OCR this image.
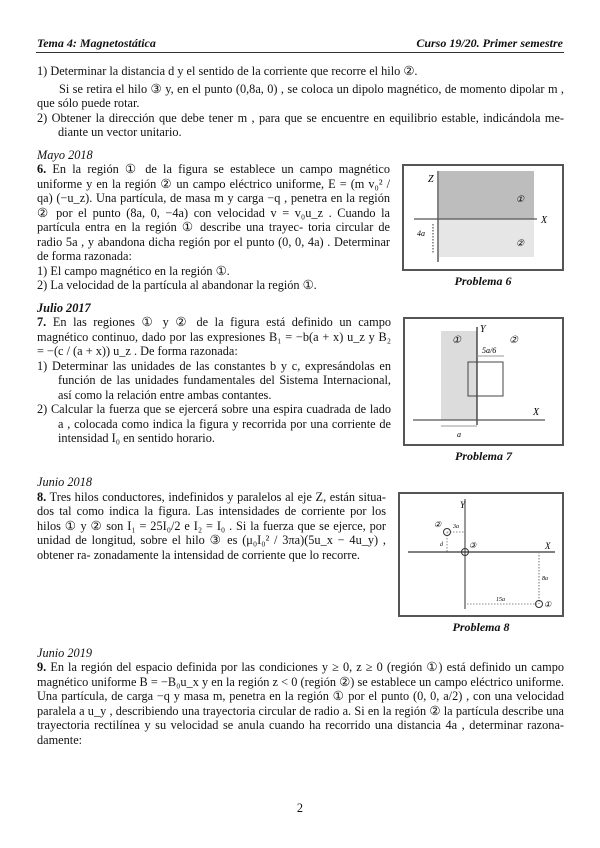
Tema 4: Magnetostática	Curso 19/20. Primer semestre
1) Determinar la distancia d y el sentido de la corriente que recorre el hilo ②.

Si se retira el hilo ③ y, en el punto (0,8a, 0) , se coloca un dipolo magnético, de momento dipolar m , que sólo puede rotar.

2) Obtener la dirección que debe tener m , para que se encuentre en equilibrio estable, indicándola me- diante un vector unitario.
Mayo 2018
Z
X
4a
①
②
Problema 6

6. En la región ① de la figura se establece un campo magnético uniforme y en la región ② un campo eléctrico uniforme, E = (m v₀² / qa) (−u_z). Una partícula, de masa m y carga −q , penetra en la región ② por el punto (8a, 0, −4a) con velocidad v = v₀u_z . Cuando la partícula entra en la región ① describe una trayec- toria circular de radio 5a , y abandona dicha región por el punto (0, 0, 4a) . Determinar de forma razonada:

1) El campo magnético en la región ①.
2) La velocidad de la partícula al abandonar la región ①.
Julio 2017
Y
X
①	②
5a/6
a
Problema 7

7. En las regiones ① y ② de la figura está definido un campo magnético continuo, dado por las expresiones B₁ = −b(a + x) u_z y B₂ = −(c / (a + x)) u_z . De forma razonada:

1) Determinar las unidades de las constantes b y c, expresándolas en función de las unidades fundamentales del Sistema Internacional, así como la relación entre ambas contantes.
2) Calcular la fuerza que se ejercerá sobre una espira cuadrada de lado a , colocada como indica la figura y recorrida por una corriente de intensidad I₀ en sentido horario.
Junio 2018
Y
X
②
③
①
3a
d
8a
15a
Problema 8

8. Tres hilos conductores, indefinidos y paralelos al eje Z, están situa- dos tal como indica la figura. Las intensidades de corriente por los hilos ① y ② son I₁ = 25I₀/2 e I₂ = I₀ . Si la fuerza que se ejerce, por unidad de longitud, sobre el hilo ③ es (μ₀I₀² / 3πa)(5u_x − 4u_y) , obtener ra- zonadamente la intensidad de corriente que lo recorre.

Junio 2019

9. En la región del espacio definida por las condiciones y ≥ 0, z ≥ 0 (región ①) está definido un campo magnético uniforme B = −B₀u_x y en la región z < 0 (región ②) se establece un campo eléctrico uniforme. Una partícula, de carga −q y masa m, penetra en la región ① por el punto (0, 0, a/2) , con una velocidad paralela a u_y , describiendo una trayectoria circular de radio a. Si en la región ② la partícula describe una trayectoria rectilínea y su velocidad se anula cuando ha recorrido una distancia 4a , determinar razona- damente:

2
